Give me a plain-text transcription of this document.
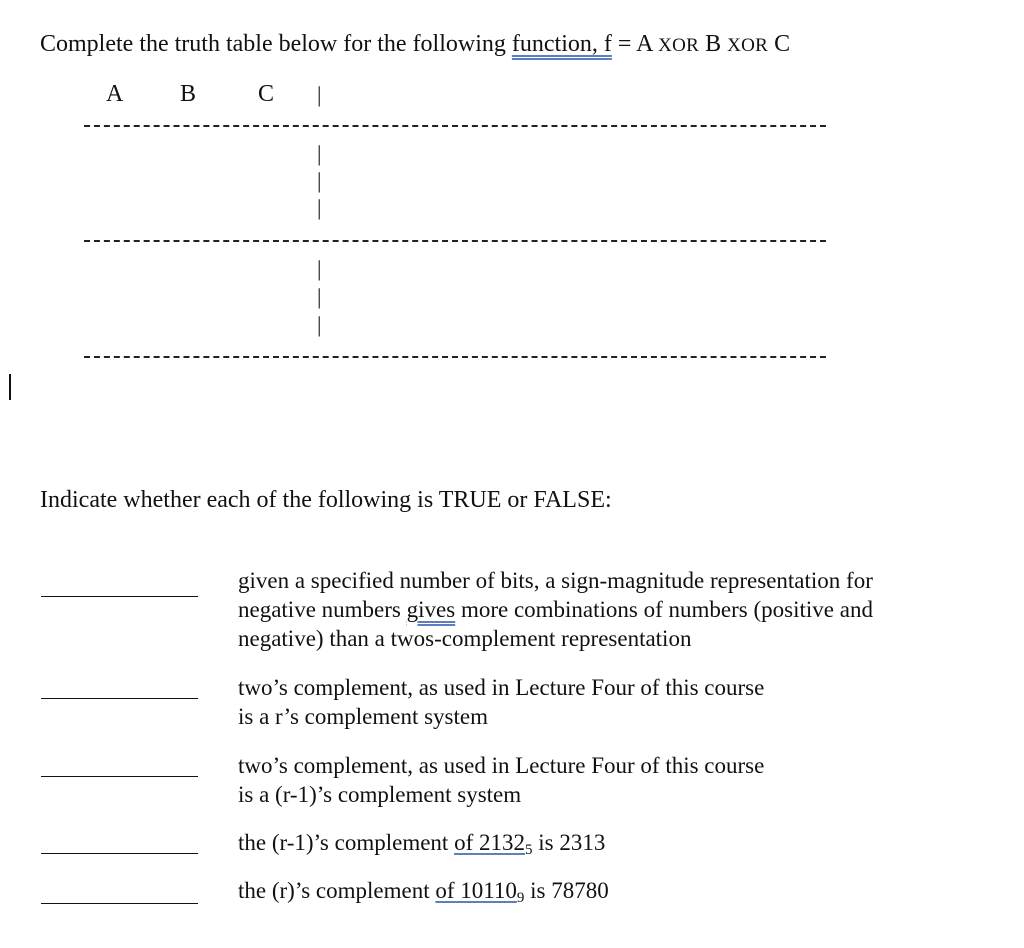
Complete the truth table below for the following function, f = A XOR B XOR C
A B	C |
|
|
|
|
|
|
Indicate whether each of the following is TRUE or FALSE:
given a specified number of bits, a sign-magnitude representation for
negative numbers gives more combinations of numbers (positive and
negative) than a twos-complement representation
two’s complement, as used in Lecture Four of this course
is a r’s complement system
two’s complement, as used in Lecture Four of this course
is a (r-1)’s complement system
the (r-1)’s complement of $2132_5$ is 2313
the (r)’s complement of $10110_9$ is 78780
